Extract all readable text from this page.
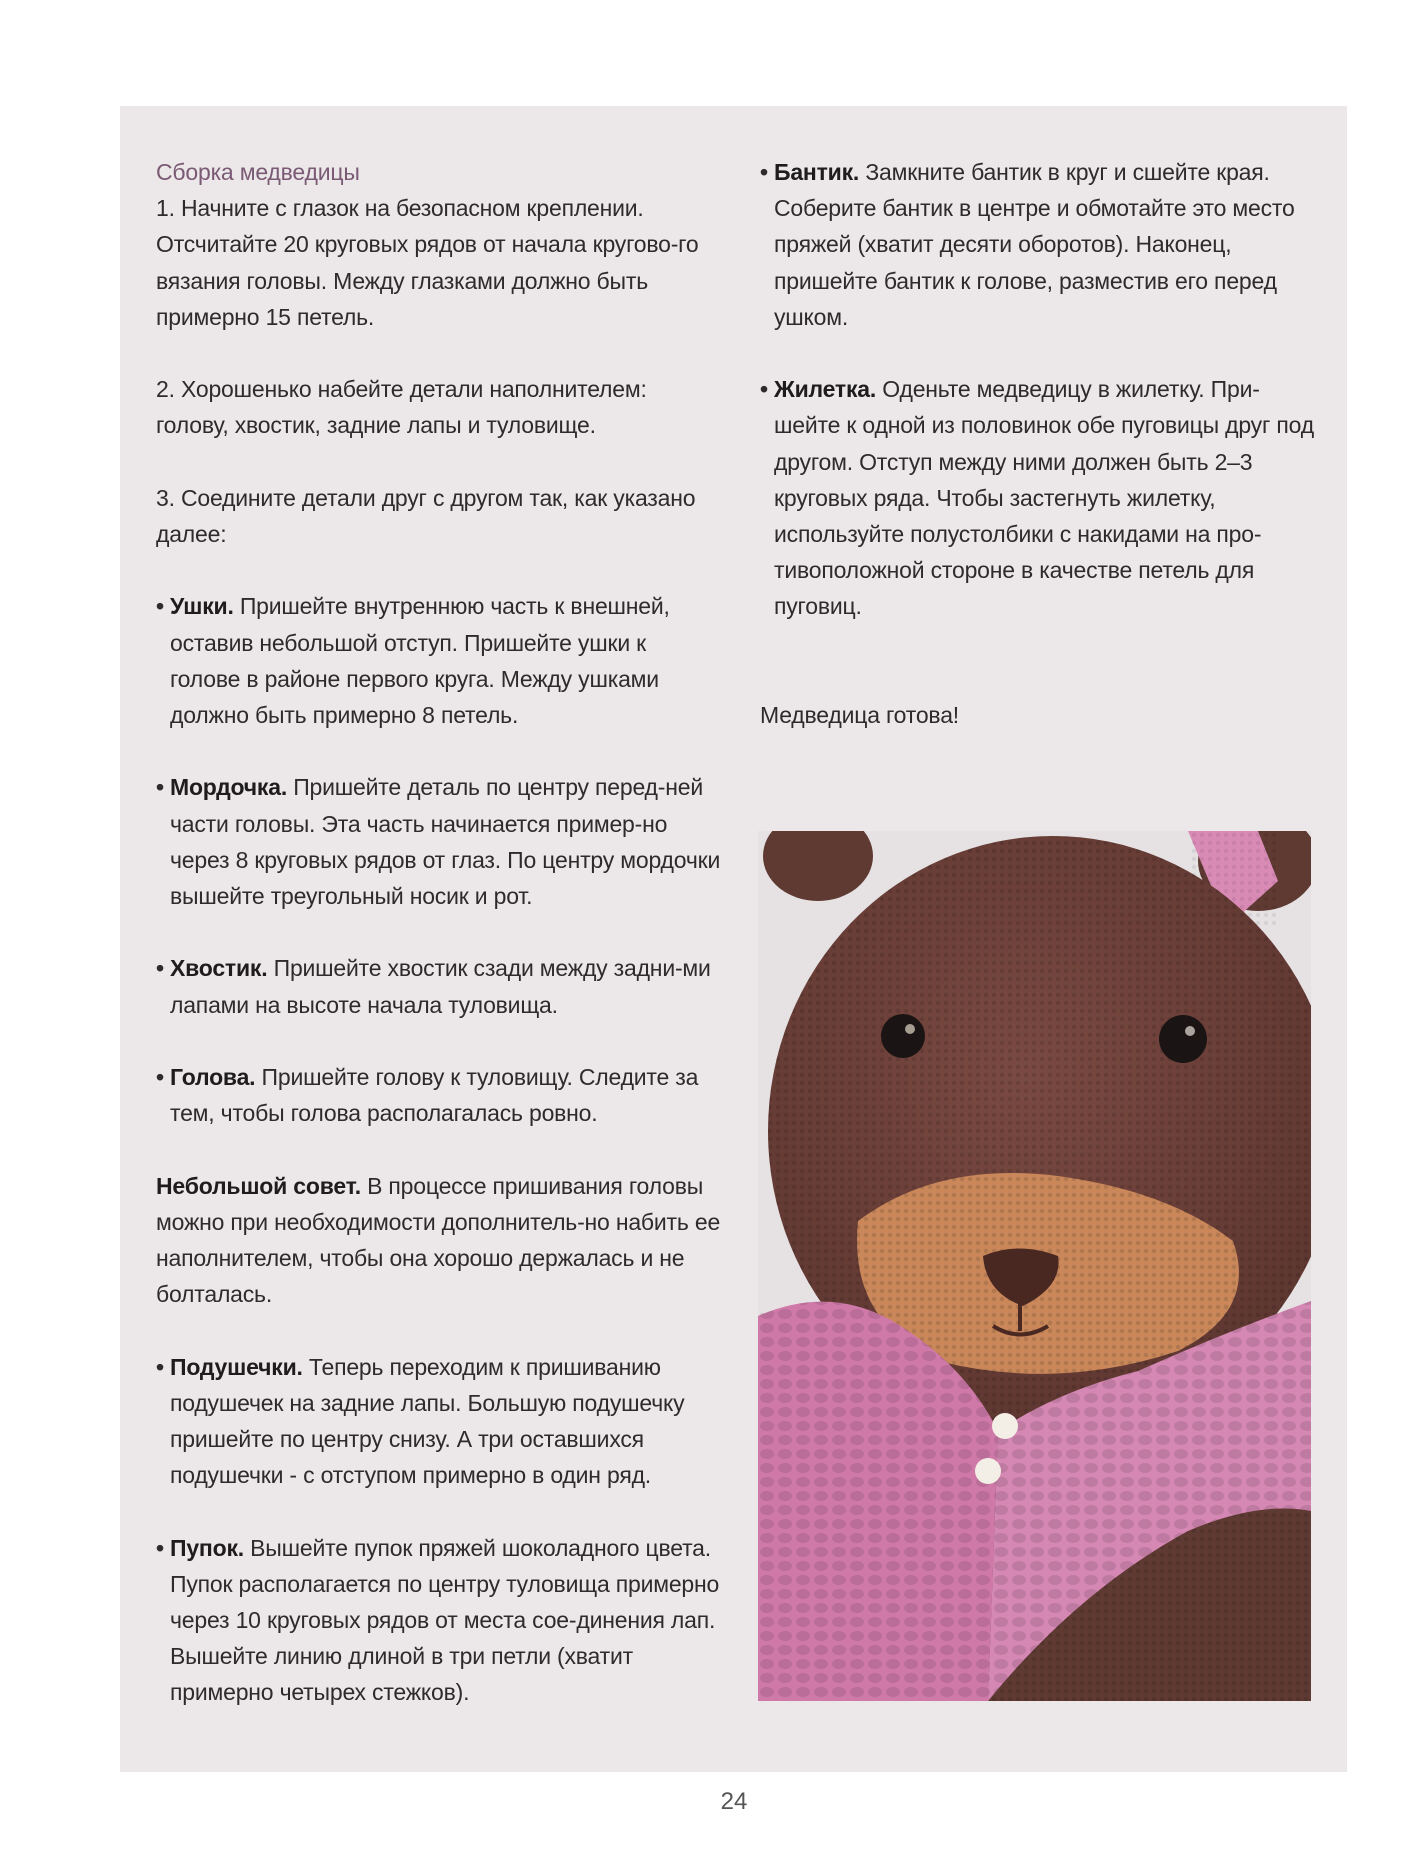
Сборка медведицы

1. Начните с глазок на безопасном креплении. Отсчитайте 20 круговых рядов от начала кругово-го вязания головы. Между глазками должно быть примерно 15 петель.

2. Хорошенько набейте детали наполнителем: голову, хвостик, задние лапы и туловище.

3. Соедините детали друг с другом так, как указано далее:

• Ушки. Пришейте внутреннюю часть к внешней, оставив небольшой отступ. Пришейте ушки к голове в районе первого круга. Между ушками должно быть примерно 8 петель.

• Мордочка. Пришейте деталь по центру перед-ней части головы. Эта часть начинается пример-но через 8 круговых рядов от глаз. По центру мордочки вышейте треугольный носик и рот.

• Хвостик. Пришейте хвостик сзади между задни-ми лапами на высоте начала туловища.

• Голова. Пришейте голову к туловищу. Следите за тем, чтобы голова располагалась ровно.

Небольшой совет. В процессе пришивания головы можно при необходимости дополнитель-но набить ее наполнителем, чтобы она хорошо держалась и не болталась.

• Подушечки. Теперь переходим к пришиванию подушечек на задние лапы. Большую подушечку пришейте по центру снизу. А три оставшихся подушечки - с отступом примерно в один ряд.

• Пупок. Вышейте пупок пряжей шоколадного цвета. Пупок располагается по центру туловища примерно через 10 круговых рядов от места сое-динения лап. Вышейте линию длиной в три петли (хватит примерно четырех стежков).

• Бантик. Замкните бантик в круг и сшейте края. Соберите бантик в центре и обмотайте это место пряжей (хватит десяти оборотов). Наконец, пришейте бантик к голове, разместив его перед ушком.

• Жилетка. Оденьте медведицу в жилетку. При-шейте к одной из половинок обе пуговицы друг под другом. Отступ между ними должен быть 2–3 круговых ряда. Чтобы застегнуть жилетку, используйте полустолбики с накидами на про-тивоположной стороне в качестве петель для пуговиц.

Медведица готова!

24
